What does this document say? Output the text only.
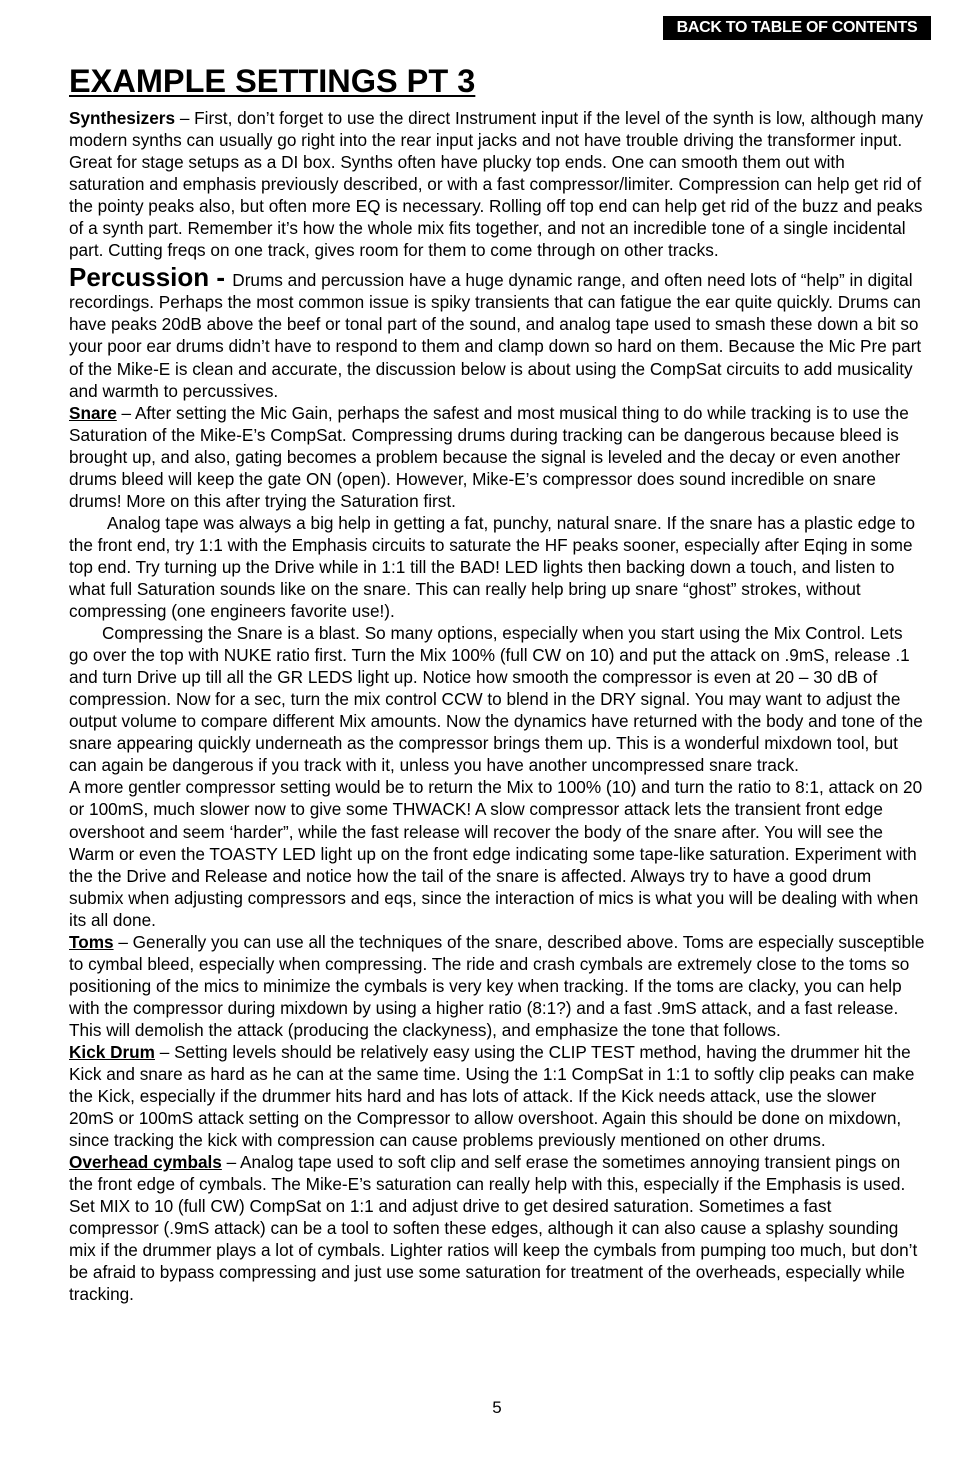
BACK TO TABLE OF CONTENTS
EXAMPLE SETTINGS PT 3

Synthesizers – First, don’t forget to use the direct Instrument input if the level of the synth is low, although many modern synths can usually go right into the rear input jacks and not have trouble driving the transformer input. Great for stage setups as a DI box. Synths often have plucky top ends. One can smooth them out with saturation and emphasis previously described, or with a fast compressor/limiter. Compression can help get rid of the pointy peaks also, but often more EQ is necessary. Rolling off top end can help get rid of the buzz and peaks of a synth part. Remember it’s how the whole mix fits together, and not an incredible tone of a single incidental part. Cutting freqs on one track, gives room for them to come through on other tracks.

Percussion - Drums and percussion have a huge dynamic range, and often need lots of “help” in digital recordings. Perhaps the most common issue is spiky transients that can fatigue the ear quite quickly. Drums can have peaks 20dB above the beef or tonal part of the sound, and analog tape used to smash these down a bit so your poor ear drums didn’t have to respond to them and clamp down so hard on them. Because the Mic Pre part of the Mike-E is clean and accurate, the discussion below is about using the CompSat circuits to add musicality and warmth to percussives.

Snare – After setting the Mic Gain, perhaps the safest and most musical thing to do while tracking is to use the Saturation of the Mike-E’s CompSat. Compressing drums during tracking can be dangerous because bleed is brought up, and also, gating becomes a problem because the signal is leveled and the decay or even another drums bleed will keep the gate ON (open). However, Mike-E’s compressor does sound incredible on snare drums! More on this after trying the Saturation first.

Analog tape was always a big help in getting a fat, punchy, natural snare. If the snare has a plastic edge to the front end, try 1:1 with the Emphasis circuits to saturate the HF peaks sooner, especially after Eqing in some top end. Try turning up the Drive while in 1:1 till the BAD! LED lights then backing down a touch, and listen to what full Saturation sounds like on the snare. This can really help bring up snare “ghost” strokes, without compressing (one engineers favorite use!).

Compressing the Snare is a blast. So many options, especially when you start using the Mix Control. Lets go over the top with NUKE ratio first. Turn the Mix 100% (full CW on 10) and put the attack on .9mS, release .1 and turn Drive up till all the GR LEDS light up. Notice how smooth the compressor is even at 20 – 30 dB of compression. Now for a sec, turn the mix control CCW to blend in the DRY signal. You may want to adjust the output volume to compare different Mix amounts. Now the dynamics have returned with the body and tone of the snare appearing quickly underneath as the compressor brings them up. This is a wonderful mixdown tool, but can again be dangerous if you track with it, unless you have another uncompressed snare track.

A more gentler compressor setting would be to return the Mix to 100% (10) and turn the ratio to 8:1, attack on 20 or 100mS, much slower now to give some THWACK! A slow compressor attack lets the transient front edge overshoot and seem ‘harder”, while the fast release will recover the body of the snare after. You will see the Warm or even the TOASTY LED light up on the front edge indicating some tape-like saturation. Experiment with the the Drive and Release and notice how the tail of the snare is affected. Always try to have a good drum submix when adjusting compressors and eqs, since the interaction of mics is what you will be dealing with when its all done.

Toms – Generally you can use all the techniques of the snare, described above. Toms are especially susceptible to cymbal bleed, especially when compressing. The ride and crash cymbals are extremely close to the toms so positioning of the mics to minimize the cymbals is very key when tracking. If the toms are clacky, you can help with the compressor during mixdown by using a higher ratio (8:1?) and a fast .9mS attack, and a fast release. This will demolish the attack (producing the clackyness), and emphasize the tone that follows.

Kick Drum – Setting levels should be relatively easy using the CLIP TEST method, having the drummer hit the Kick and snare as hard as he can at the same time. Using the 1:1 CompSat in 1:1 to softly clip peaks can make the Kick, especially if the drummer hits hard and has lots of attack. If the Kick needs attack, use the slower 20mS or 100mS attack setting on the Compressor to allow overshoot. Again this should be done on mixdown, since tracking the kick with compression can cause problems previously mentioned on other drums.

Overhead cymbals – Analog tape used to soft clip and self erase the sometimes annoying transient pings on the front edge of cymbals. The Mike-E’s saturation can really help with this, especially if the Emphasis is used. Set MIX to 10 (full CW) CompSat on 1:1 and adjust drive to get desired saturation. Sometimes a fast compressor (.9mS attack) can be a tool to soften these edges, although it can also cause a splashy sounding mix if the drummer plays a lot of cymbals. Lighter ratios will keep the cymbals from pumping too much, but don’t be afraid to bypass compressing and just use some saturation for treatment of the overheads, especially while tracking.

5
